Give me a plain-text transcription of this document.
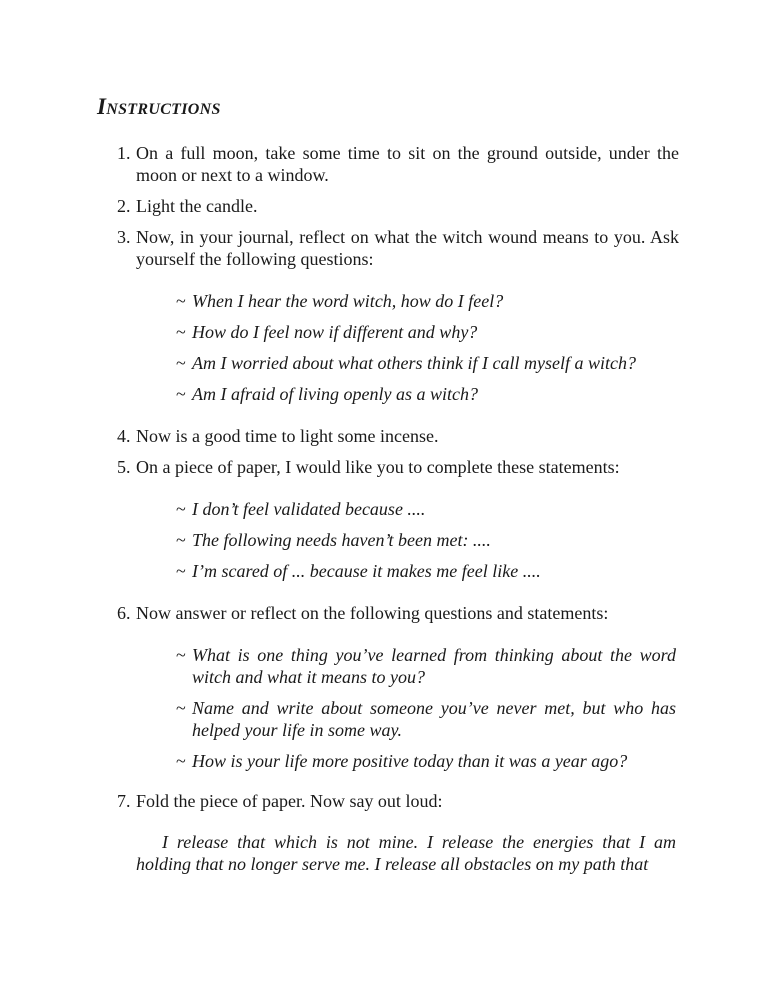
Instructions
1. On a full moon, take some time to sit on the ground outside, under the moon or next to a window.
2. Light the candle.
3. Now, in your journal, reflect on what the witch wound means to you. Ask yourself the following questions:
~ When I hear the word witch, how do I feel?
~ How do I feel now if different and why?
~ Am I worried about what others think if I call myself a witch?
~ Am I afraid of living openly as a witch?
4. Now is a good time to light some incense.
5. On a piece of paper, I would like you to complete these statements:
~ I don’t feel validated because ....
~ The following needs haven’t been met: ....
~ I’m scared of ... because it makes me feel like ....
6. Now answer or reflect on the following questions and statements:
~ What is one thing you’ve learned from thinking about the word witch and what it means to you?
~ Name and write about someone you’ve never met, but who has helped your life in some way.
~ How is your life more positive today than it was a year ago?
7. Fold the piece of paper. Now say out loud:
I release that which is not mine. I release the energies that I am holding that no longer serve me. I release all obstacles on my path that
